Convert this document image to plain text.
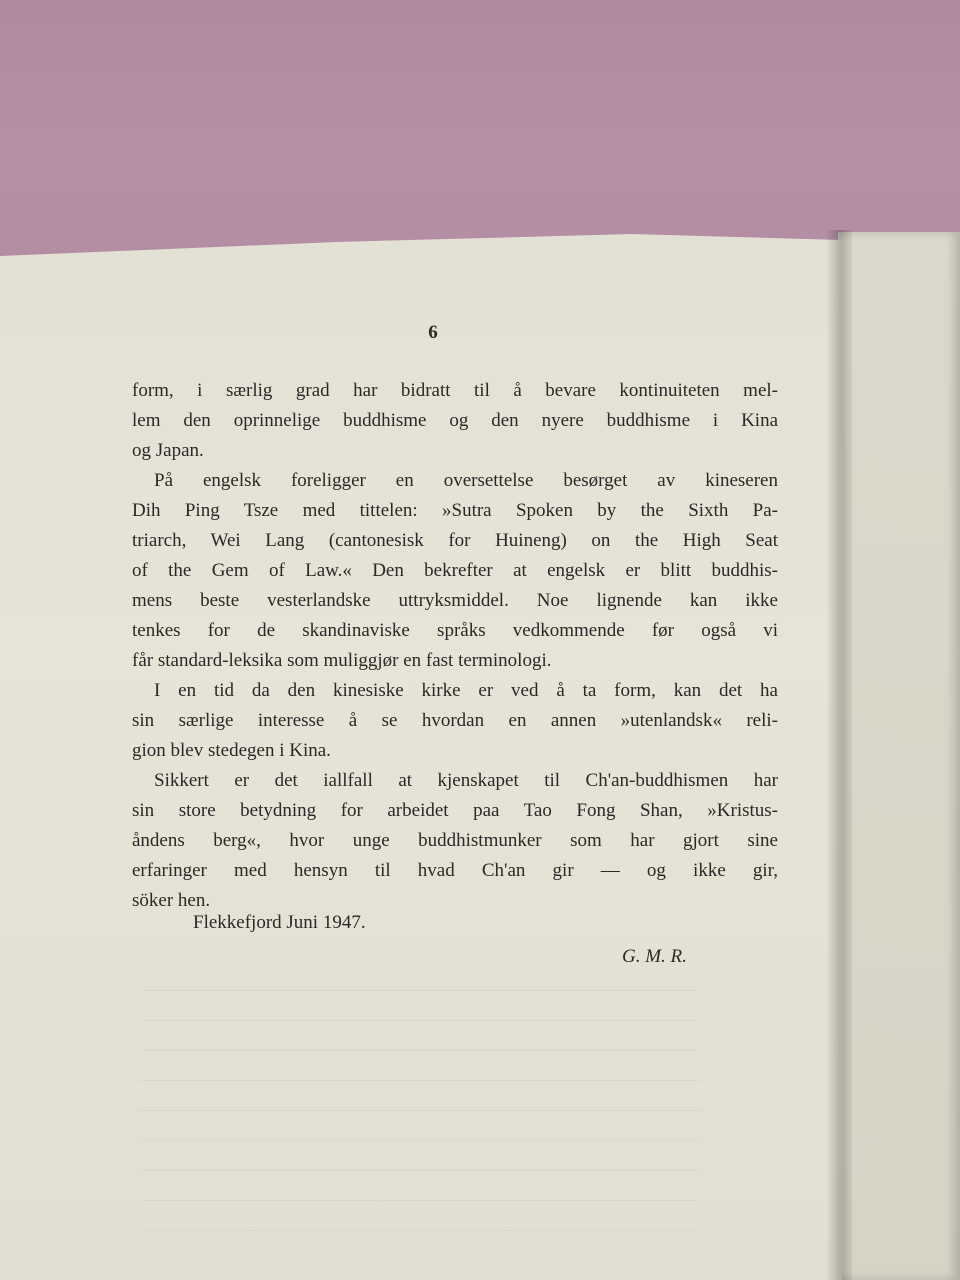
6
form, i særlig grad har bidratt til å bevare kontinuiteten mel-
lem den oprinnelige buddhisme og den nyere buddhisme i Kina
og Japan.
På engelsk foreligger en oversettelse besørget av kineseren
Dih Ping Tsze med tittelen: »Sutra Spoken by the Sixth Pa-
triarch, Wei Lang (cantonesisk for Huineng) on the High Seat
of the Gem of Law.« Den bekrefter at engelsk er blitt buddhis-
mens beste vesterlandske uttryksmiddel. Noe lignende kan ikke
tenkes for de skandinaviske språks vedkommende før også vi
får standard-leksika som muliggjør en fast terminologi.
I en tid da den kinesiske kirke er ved å ta form, kan det ha
sin særlige interesse å se hvordan en annen »utenlandsk« reli-
gion blev stedegen i Kina.
Sikkert er det iallfall at kjenskapet til Ch'an-buddhismen har
sin store betydning for arbeidet paa Tao Fong Shan, »Kristus-
åndens berg«, hvor unge buddhistmunker som har gjort sine
erfaringer med hensyn til hvad Ch'an gir — og ikke gir,
söker hen.
Flekkefjord Juni 1947.
G. M. R.
